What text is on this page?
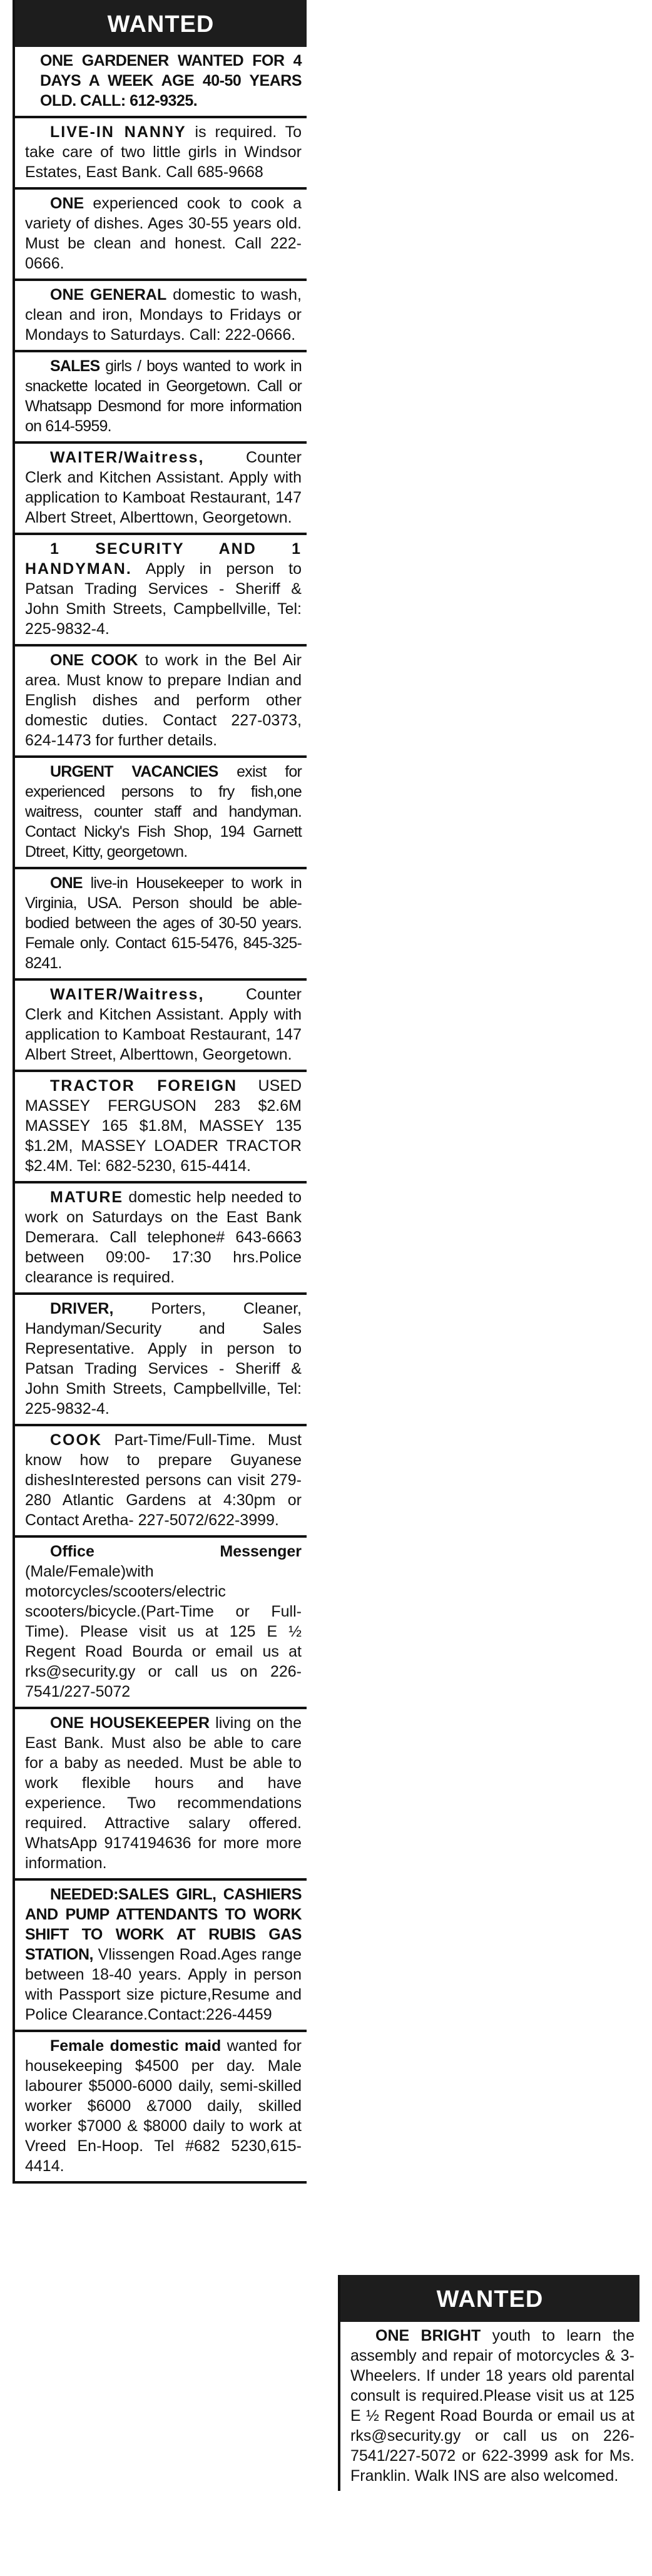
WANTED
ONE GARDENER WANTED FOR 4 DAYS A WEEK AGE 40-50 YEARS OLD. CALL: 612-9325.
LIVE-IN NANNY is required. To take care of two little girls in Windsor Estates, East Bank. Call 685-9668
ONE experienced cook to cook a variety of dishes. Ages 30-55 years old. Must be clean and honest. Call 222-0666.
ONE GENERAL domestic to wash, clean and iron, Mondays to Fridays or Mondays to Saturdays. Call: 222-0666.
SALES girls / boys wanted to work in snackette located in Georgetown. Call or Whatsapp Desmond for more information on 614-5959.
WAITER/Waitress, Counter Clerk and Kitchen Assistant. Apply with application to Kamboat Restaurant, 147 Albert Street, Alberttown, Georgetown.
1 SECURITY AND 1 HANDYMAN. Apply in person to Patsan Trading Services - Sheriff & John Smith Streets, Campbellville, Tel: 225-9832-4.
ONE COOK to work in the Bel Air area. Must know to prepare Indian and English dishes and perform other domestic duties. Contact 227-0373, 624-1473 for further details.
URGENT VACANCIES exist for experienced persons to fry fish,one waitress, counter staff and handyman. Contact Nicky's Fish Shop, 194 Garnett Dtreet, Kitty, georgetown.
ONE live-in Housekeeper to work in Virginia, USA. Person should be able-bodied between the ages of 30-50 years. Female only. Contact 615-5476, 845-325-8241.
WAITER/Waitress, Counter Clerk and Kitchen Assistant. Apply with application to Kamboat Restaurant, 147 Albert Street, Alberttown, Georgetown.
TRACTOR FOREIGN USED MASSEY FERGUSON 283 $2.6M MASSEY 165 $1.8M, MASSEY 135 $1.2M, MASSEY LOADER TRACTOR $2.4M. Tel: 682-5230, 615-4414.
MATURE domestic help needed to work on Saturdays on the East Bank Demerara. Call telephone# 643-6663 between 09:00- 17:30 hrs.Police clearance is required.
DRIVER, Porters, Cleaner, Handyman/Security and Sales Representative. Apply in person to Patsan Trading Services - Sheriff & John Smith Streets, Campbellville, Tel: 225-9832-4.
COOK Part-Time/Full-Time. Must know how to prepare Guyanese dishesInterested persons can visit 279-280 Atlantic Gardens at 4:30pm or Contact Aretha- 227-5072/622-3999.
Office Messenger (Male/Female)with motorcycles/scooters/electric scooters/bicycle.(Part-Time or Full-Time). Please visit us at 125 E ½ Regent Road Bourda or email us at rks@security.gy or call us on 226-7541/227-5072
ONE HOUSEKEEPER living on the East Bank. Must also be able to care for a baby as needed. Must be able to work flexible hours and have experience. Two recommendations required. Attractive salary offered. WhatsApp 9174194636 for more more information.
NEEDED:SALES GIRL, CASHIERS AND PUMP ATTENDANTS TO WORK SHIFT TO WORK AT RUBIS GAS STATION, Vlissengen Road.Ages range between 18-40 years. Apply in person with Passport size picture,Resume and Police Clearance.Contact:226-4459
Female domestic maid wanted for housekeeping $4500 per day. Male labourer $5000-6000 daily, semi-skilled worker $6000 &7000 daily, skilled worker $7000 & $8000 daily to work at Vreed En-Hoop. Tel #682 5230,615-4414.
WANTED
ONE BRIGHT youth to learn the assembly and repair of motorcycles & 3-Wheelers. If under 18 years old parental consult is required.Please visit us at 125 E ½ Regent Road Bourda or email us at rks@security.gy or call us on 226-7541/227-5072 or 622-3999 ask for Ms. Franklin. Walk INS are also welcomed.
